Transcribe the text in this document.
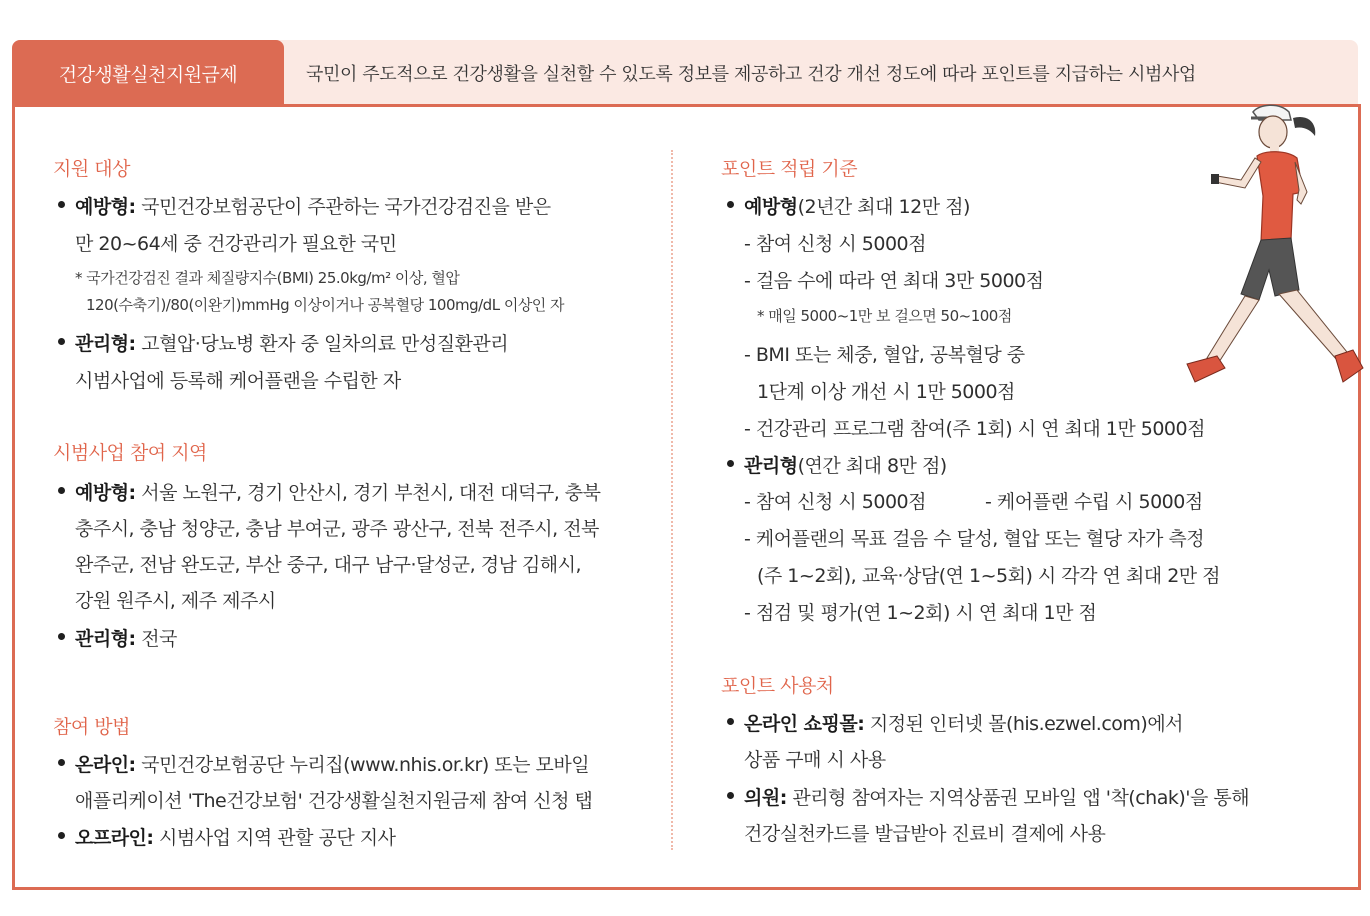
건강생활실천지원금제	국민이 주도적으로 건강생활을 실천할 수 있도록 정보를 제공하고 건강 개선 정도에 따라 포인트를 지급하는 시범사업
지원 대상
예방형: 국민건강보험공단이 주관하는 국가건강검진을 받은
만 20~64세 중 건강관리가 필요한 국민
* 국가건강검진 결과 체질량지수(BMI) 25.0kg/m² 이상, 혈압
120(수축기)/80(이완기)mmHg 이상이거나 공복혈당 100mg/dL 이상인 자
관리형: 고혈압·당뇨병 환자 중 일차의료 만성질환관리
시범사업에 등록해 케어플랜을 수립한 자
시범사업 참여 지역
예방형: 서울 노원구, 경기 안산시, 경기 부천시, 대전 대덕구, 충북
충주시, 충남 청양군, 충남 부여군, 광주 광산구, 전북 전주시, 전북
완주군, 전남 완도군, 부산 중구, 대구 남구·달성군, 경남 김해시,
강원 원주시, 제주 제주시
관리형: 전국
참여 방법
온라인: 국민건강보험공단 누리집(www.nhis.or.kr) 또는 모바일
애플리케이션 'The건강보험' 건강생활실천지원금제 참여 신청 탭
오프라인: 시범사업 지역 관할 공단 지사
포인트 적립 기준
예방형(2년간 최대 12만 점)
- 참여 신청 시 5000점
- 걸음 수에 따라 연 최대 3만 5000점
* 매일 5000~1만 보 걸으면 50~100점
- BMI 또는 체중, 혈압, 공복혈당 중
1단계 이상 개선 시 1만 5000점
- 건강관리 프로그램 참여(주 1회) 시 연 최대 1만 5000점
관리형(연간 최대 8만 점)
- 참여 신청 시 5000점	- 케어플랜 수립 시 5000점
- 케어플랜의 목표 걸음 수 달성, 혈압 또는 혈당 자가 측정
(주 1~2회), 교육·상담(연 1~5회) 시 각각 연 최대 2만 점
- 점검 및 평가(연 1~2회) 시 연 최대 1만 점
포인트 사용처
온라인 쇼핑몰: 지정된 인터넷 몰(his.ezwel.com)에서
상품 구매 시 사용
의원: 관리형 참여자는 지역상품권 모바일 앱 '착(chak)'을 통해
건강실천카드를 발급받아 진료비 결제에 사용
